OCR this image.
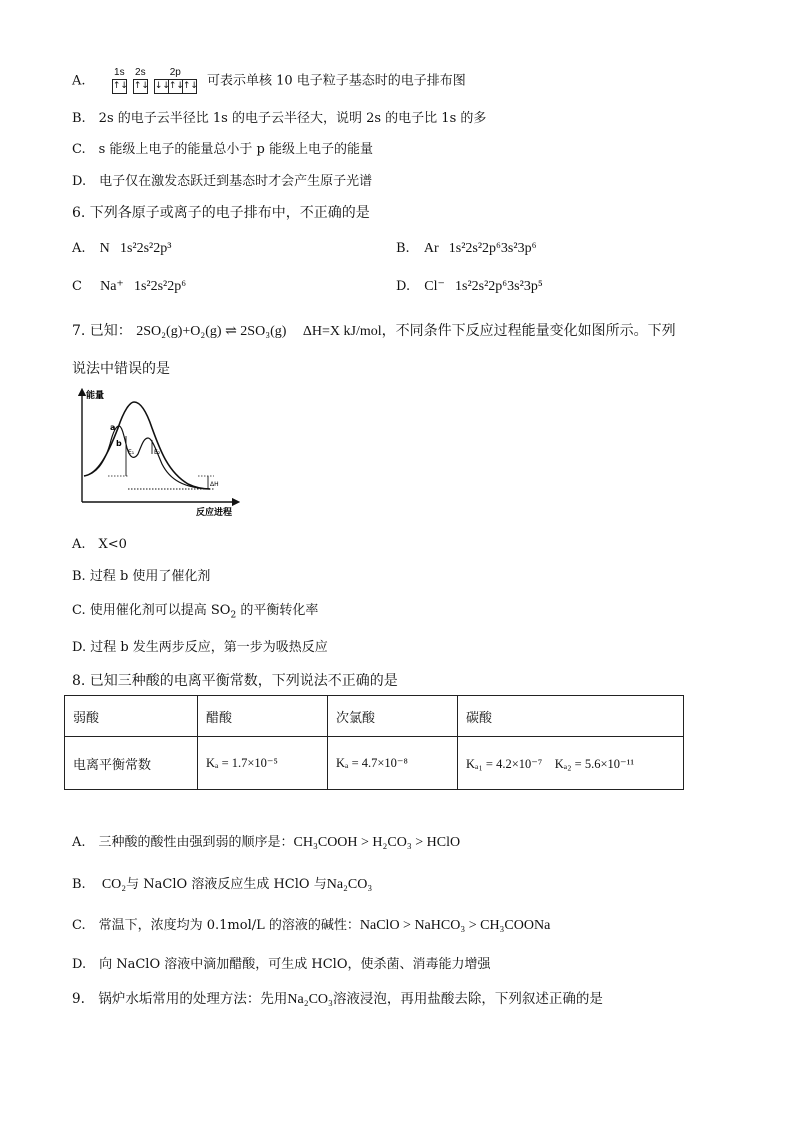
A.
1s
↑↓
2s
↑↓
2p
↓↓
↑↓
↑↓ 可表示单核 10 电子粒子基态时的电子排布图
B.　2s 的电子云半径比 1s 的电子云半径大，说明 2s 的电子比 1s 的多
C.　s 能级上电子的能量总小于 p 能级上电子的能量
D.　电子仅在激发态跃迁到基态时才会产生原子光谱
6. 下列各原子或离子的电子排布中，不正确的是
A. N 1s²2s²2p³	B. Ar 1s²2s²2p⁶3s²3p⁶
C Na⁺ 1s²2s²2p⁶	D. Cl⁻ 1s²2s²2p⁶3s²3p⁵
7. 已知： 2SO₂(g)+O₂(g) ⇌ 2SO₃(g) ΔH=X kJ/mol，不同条件下反应过程能量变化如图所示。下列
说法中错误的是
能量
反应进程
a
b
E₁	E₂
ΔH
A.　X<0
B. 过程 b 使用了催化剂
C. 使用催化剂可以提高 $SO_2$ 的平衡转化率
D. 过程 b 发生两步反应，第一步为吸热反应
8. 已知三种酸的电离平衡常数，下列说法不正确的是
弱酸	醋酸	次氯酸	碳酸
电离平衡常数	Kₐ = 1.7×10⁻⁵	Kₐ = 4.7×10⁻⁸	Kₐ₁ = 4.2×10⁻⁷　Kₐ₂ = 5.6×10⁻¹¹
A.　三种酸的酸性由强到弱的顺序是：CH₃COOH > H₂CO₃ > HClO
B. CO₂与 NaClO 溶液反应生成 HClO 与Na₂CO₃
C.　常温下，浓度均为 0.1mol/L 的溶液的碱性：NaClO > NaHCO₃ > CH₃COONa
D.　向 NaClO 溶液中滴加醋酸，可生成 HClO，使杀菌、消毒能力增强
9.　锅炉水垢常用的处理方法：先用Na₂CO₃溶液浸泡，再用盐酸去除，下列叙述正确的是
